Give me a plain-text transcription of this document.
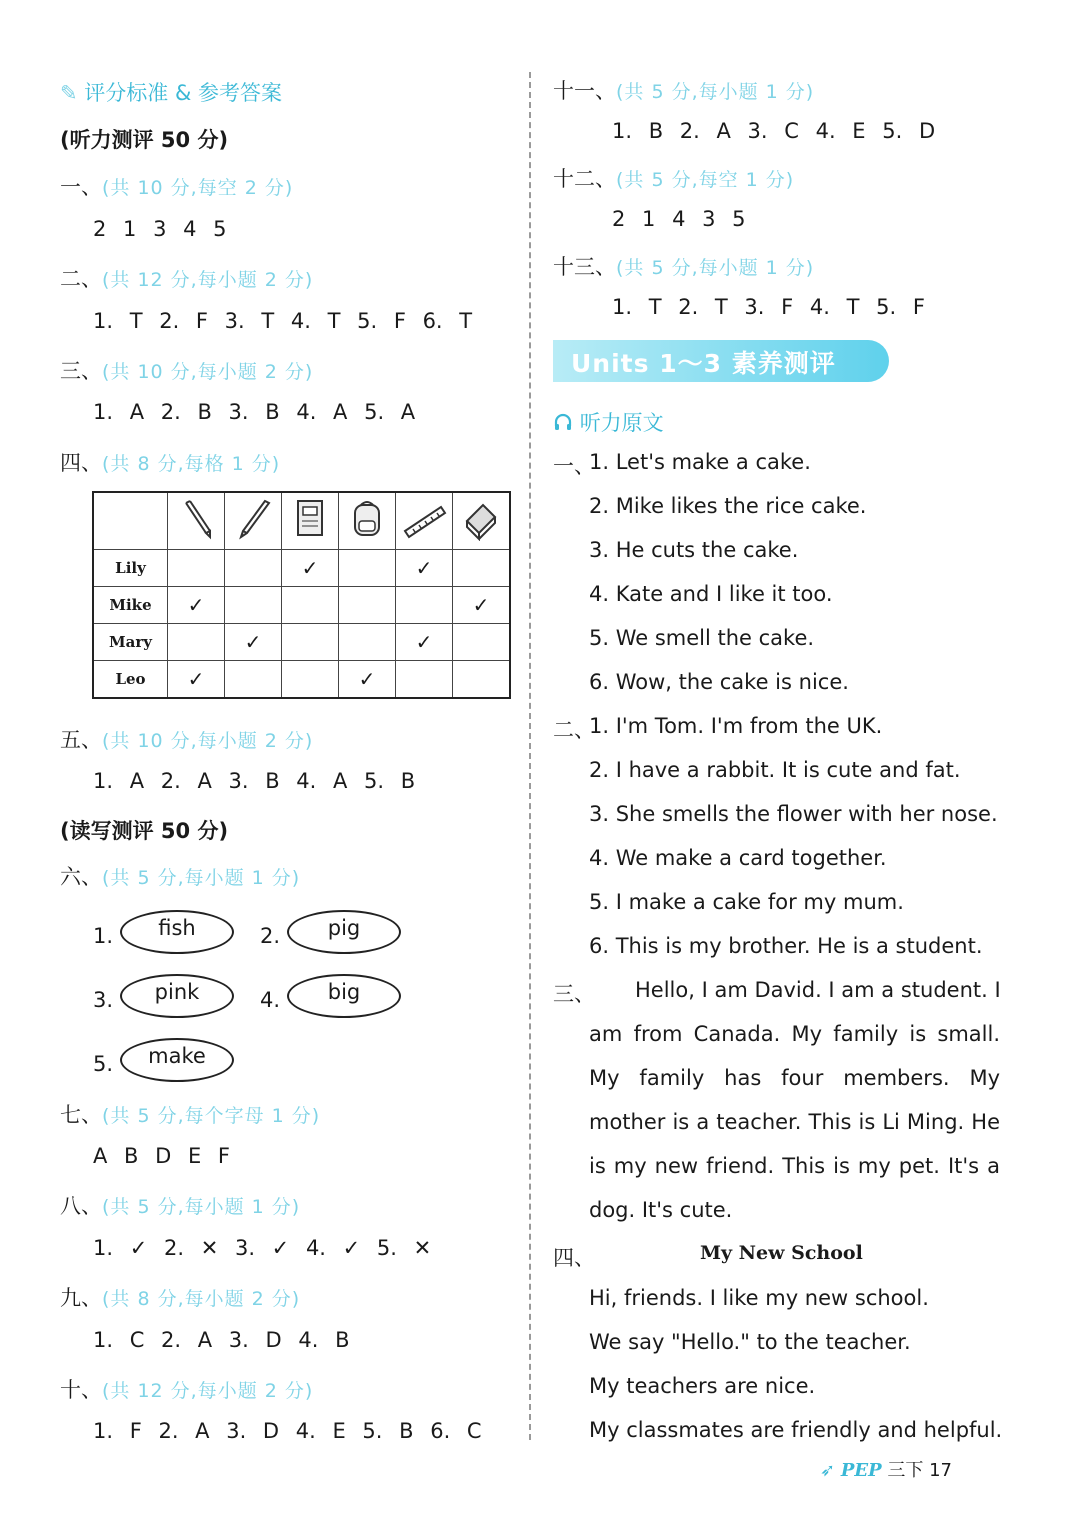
✎ 评分标准 & 参考答案
(听力测评 50 分)
一、(共 10 分,每空 2 分)
2 1 3 4 5
二、(共 12 分,每小题 2 分)
1. T 2. F 3. T 4. T 5. F 6. T
三、(共 10 分,每小题 2 分)
1. A 2. B 3. B 4. A 5. A
四、(共 8 分,每格 1 分)

Lily			✓		✓	
Mike	✓					✓
Mary		✓			✓	
Leo	✓			✓		
五、(共 10 分,每小题 2 分)
1. A 2. A 3. B 4. A 5. B
(读写测评 50 分)
六、(共 5 分,每小题 1 分)
1.	fish	2.	pig
3.	pink	4.	big
5.	make
七、(共 5 分,每个字母 1 分)
A B D E F
八、(共 5 分,每小题 1 分)
1. ✓ 2. ✕ 3. ✓ 4. ✓ 5. ✕
九、(共 8 分,每小题 2 分)
1. C 2. A 3. D 4. B
十、(共 12 分,每小题 2 分)
1. F 2. A 3. D 4. E 5. B 6. C
十一、(共 5 分,每小题 1 分)
1. B 2. A 3. C 4. E 5. D
十二、(共 5 分,每空 1 分)
2 1 4 3 5
十三、(共 5 分,每小题 1 分)
1. T 2. T 3. F 4. T 5. F
Units 1～3 素养测评
听力原文
一、
1. Let's make a cake.
2. Mike likes the rice cake.
3. He cuts the cake.
4. Kate and I like it too.
5. We smell the cake.
6. Wow, the cake is nice.
二、
1. I'm Tom. I'm from the UK.
2. I have a rabbit. It is cute and fat.
3. She smells the flower with her nose.
4. We make a card together.
5. I make a cake for my mum.
6. This is my brother. He is a student.
三、 Hello, I am David. I am a student. I
am from Canada. My family is small.
My family has four members. My
mother is a teacher. This is Li Ming. He
is my new friend. This is my pet. It's a
dog. It's cute.
四、	My New School
Hi, friends. I like my new school.
We say "Hello." to the teacher.
My teachers are nice.
My classmates are friendly and helpful.
➶ PEP 三下 17
